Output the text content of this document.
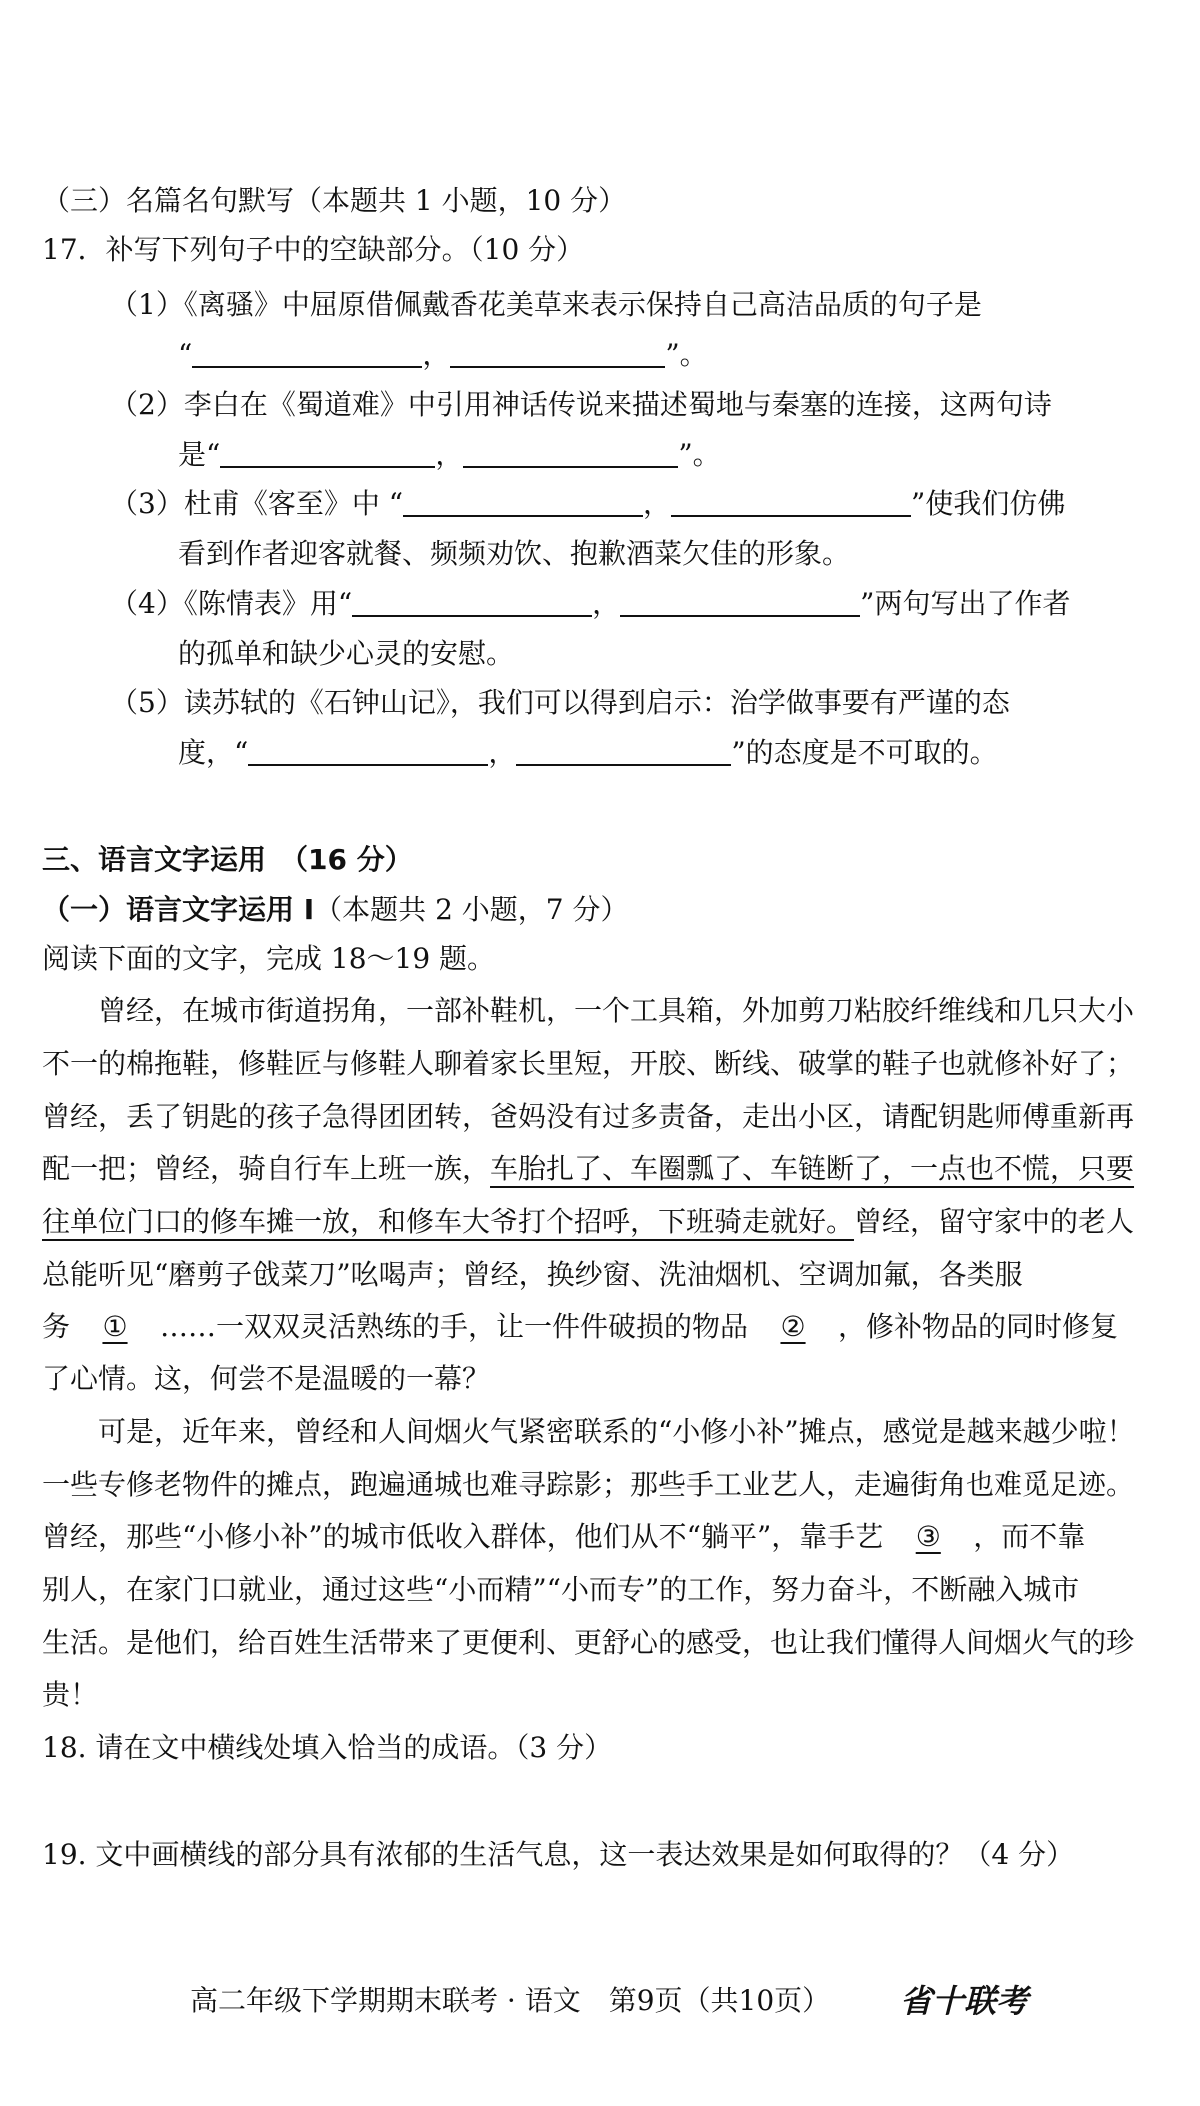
（三）名篇名句默写（本题共 1 小题，10 分）
17．补写下列句子中的空缺部分。（10 分）
（1）《离骚》中屈原借佩戴香花美草来表示保持自己高洁品质的句子是
“	，	”。
（2）李白在《蜀道难》中引用神话传说来描述蜀地与秦塞的连接，这两句诗
是“	，	”。
（3）杜甫《客至》中 “	，	”使我们仿佛
看到作者迎客就餐、频频劝饮、抱歉酒菜欠佳的形象。
（4）《陈情表》用“	，	”两句写出了作者
的孤单和缺少心灵的安慰。
（5）读苏轼的《石钟山记》，我们可以得到启示：治学做事要有严谨的态
度，“	，	”的态度是不可取的。
三、语言文字运用　（16 分）
（一）语言文字运用 I（本题共 2 小题，7 分）
阅读下面的文字，完成 18～19 题。
曾经，在城市街道拐角，一部补鞋机，一个工具箱，外加剪刀粘胶纤维线和几只大小
不一的棉拖鞋，修鞋匠与修鞋人聊着家长里短，开胶、断线、破掌的鞋子也就修补好了；
曾经，丢了钥匙的孩子急得团团转，爸妈没有过多责备，走出小区，请配钥匙师傅重新再
配一把；曾经，骑自行车上班一族，车胎扎了、车圈瓢了、车链断了，一点也不慌，只要
往单位门口的修车摊一放，和修车大爷打个招呼，下班骑走就好。曾经，留守家中的老人
总能听见“磨剪子戗菜刀”吆喝声；曾经，换纱窗、洗油烟机、空调加氟，各类服
务 ① ……一双双灵活熟练的手，让一件件破损的物品 ② ，修补物品的同时修复
了心情。这，何尝不是温暖的一幕？
可是，近年来，曾经和人间烟火气紧密联系的“小修小补”摊点，感觉是越来越少啦！
一些专修老物件的摊点，跑遍通城也难寻踪影；那些手工业艺人，走遍街角也难觅足迹。
曾经，那些“小修小补”的城市低收入群体，他们从不“躺平”，靠手艺 ③ ，而不靠
别人，在家门口就业，通过这些“小而精”“小而专”的工作，努力奋斗，不断融入城市
生活。是他们，给百姓生活带来了更便利、更舒心的感受，也让我们懂得人间烟火气的珍
贵！
18. 请在文中横线处填入恰当的成语。（3 分）
19. 文中画横线的部分具有浓郁的生活气息，这一表达效果是如何取得的？（4 分）
高二年级下学期期末联考 · 语文　第9页（共10页） 省十联考
